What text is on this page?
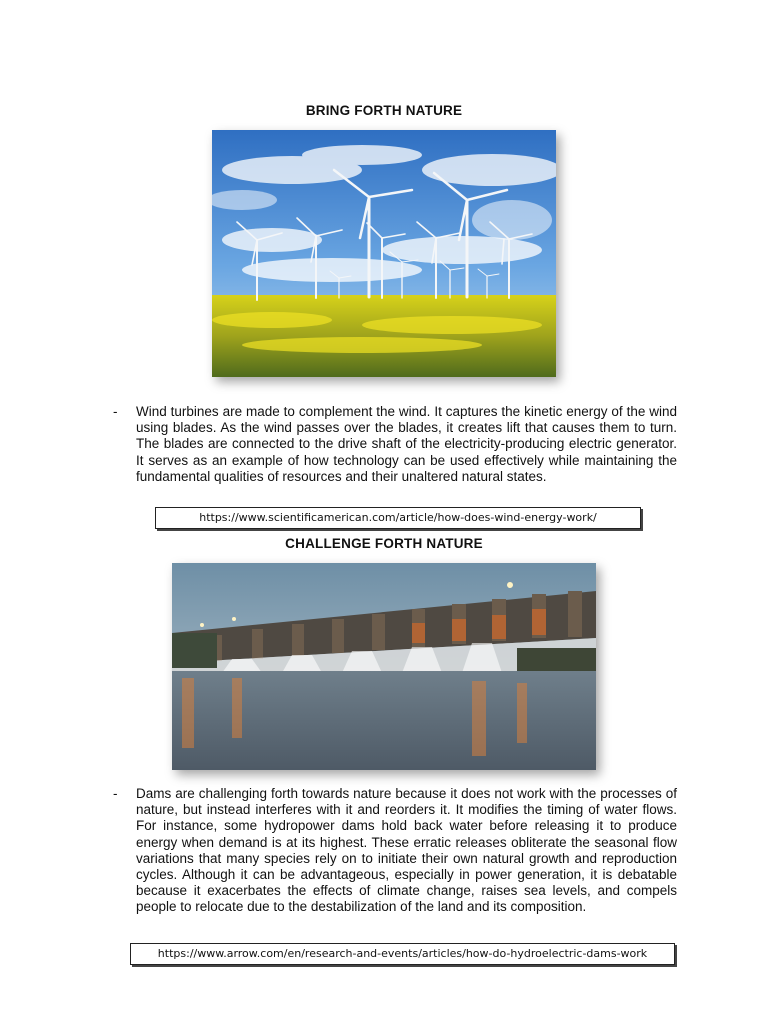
BRING FORTH NATURE
- Wind turbines are made to complement the wind. It captures the kinetic energy of the wind using blades. As the wind passes over the blades, it creates lift that causes them to turn. The blades are connected to the drive shaft of the electricity-producing electric generator. It serves as an example of how technology can be used effectively while maintaining the fundamental qualities of resources and their unaltered natural states.

https://www.scientificamerican.com/article/how-does-wind-energy-work/
CHALLENGE FORTH NATURE
- Dams are challenging forth towards nature because it does not work with the processes of nature, but instead interferes with it and reorders it. It modifies the timing of water flows. For instance, some hydropower dams hold back water before releasing it to produce energy when demand is at its highest. These erratic releases obliterate the seasonal flow variations that many species rely on to initiate their own natural growth and reproduction cycles. Although it can be advantageous, especially in power generation, it is debatable because it exacerbates the effects of climate change, raises sea levels, and compels people to relocate due to the destabilization of the land and its composition.

https://www.arrow.com/en/research-and-events/articles/how-do-hydroelectric-dams-work
